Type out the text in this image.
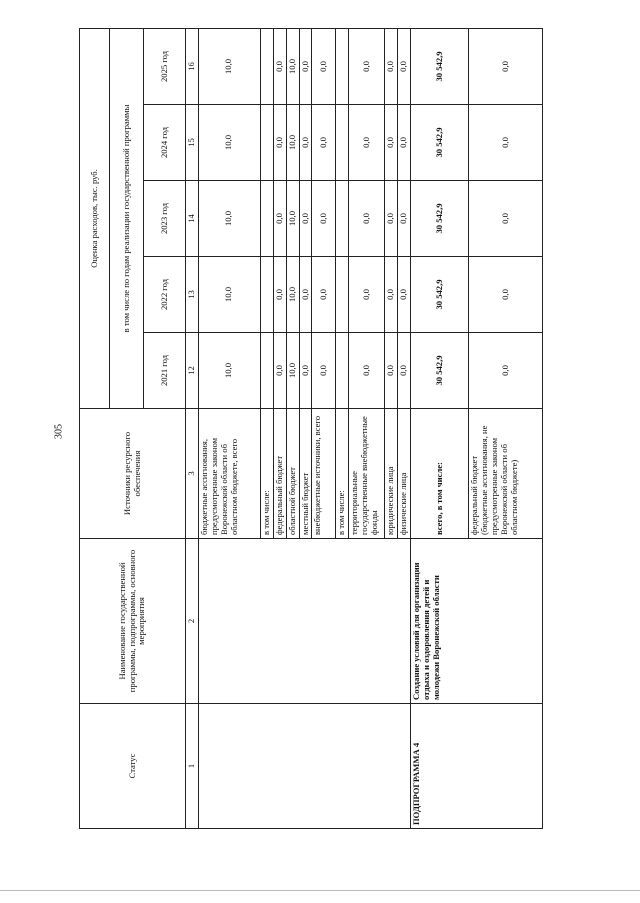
305
Статус	Наименование государственной программы, подпрограммы, основного мероприятия	Источники ресурсного обеспечения	Оценка расходов, тыс. руб.				
			в том числе по годам реализации государственной программы				
			2021 год	2022 год	2023 год	2024 год	2025 год
1	2	3	12	13	14	15	16
		бюджетные ассигнования, предусмотренные законом Воронежской области об областном бюджете, всего	10,0	10,0	10,0	10,0	10,0
		в том числе:					
		федеральный бюджет	0,0	0,0	0,0	0,0	0,0
		областной бюджет	10,0	10,0	10,0	10,0	10,0
		местный бюджет	0,0	0,0	0,0	0,0	0,0
		внебюджетные источники, всего	0,0	0,0	0,0	0,0	0,0
		в том числе:					
		территориальные государственные внебюджетные фонды	0,0	0,0	0,0	0,0	0,0
		юридические лица	0,0	0,0	0,0	0,0	0,0
		физические лица	0,0	0,0	0,0	0,0	0,0
ПОДПРОГРАММА 4	Создание условий для организации отдыха и оздоровления детей и молодежи Воронежской области	всего, в том числе:	30 542,9	30 542,9	30 542,9	30 542,9	30 542,9
		федеральный бюджет (бюджетные ассигнования, не предусмотренные законом Воронежской области об областном бюджете)	0,0	0,0	0,0	0,0	0,0
